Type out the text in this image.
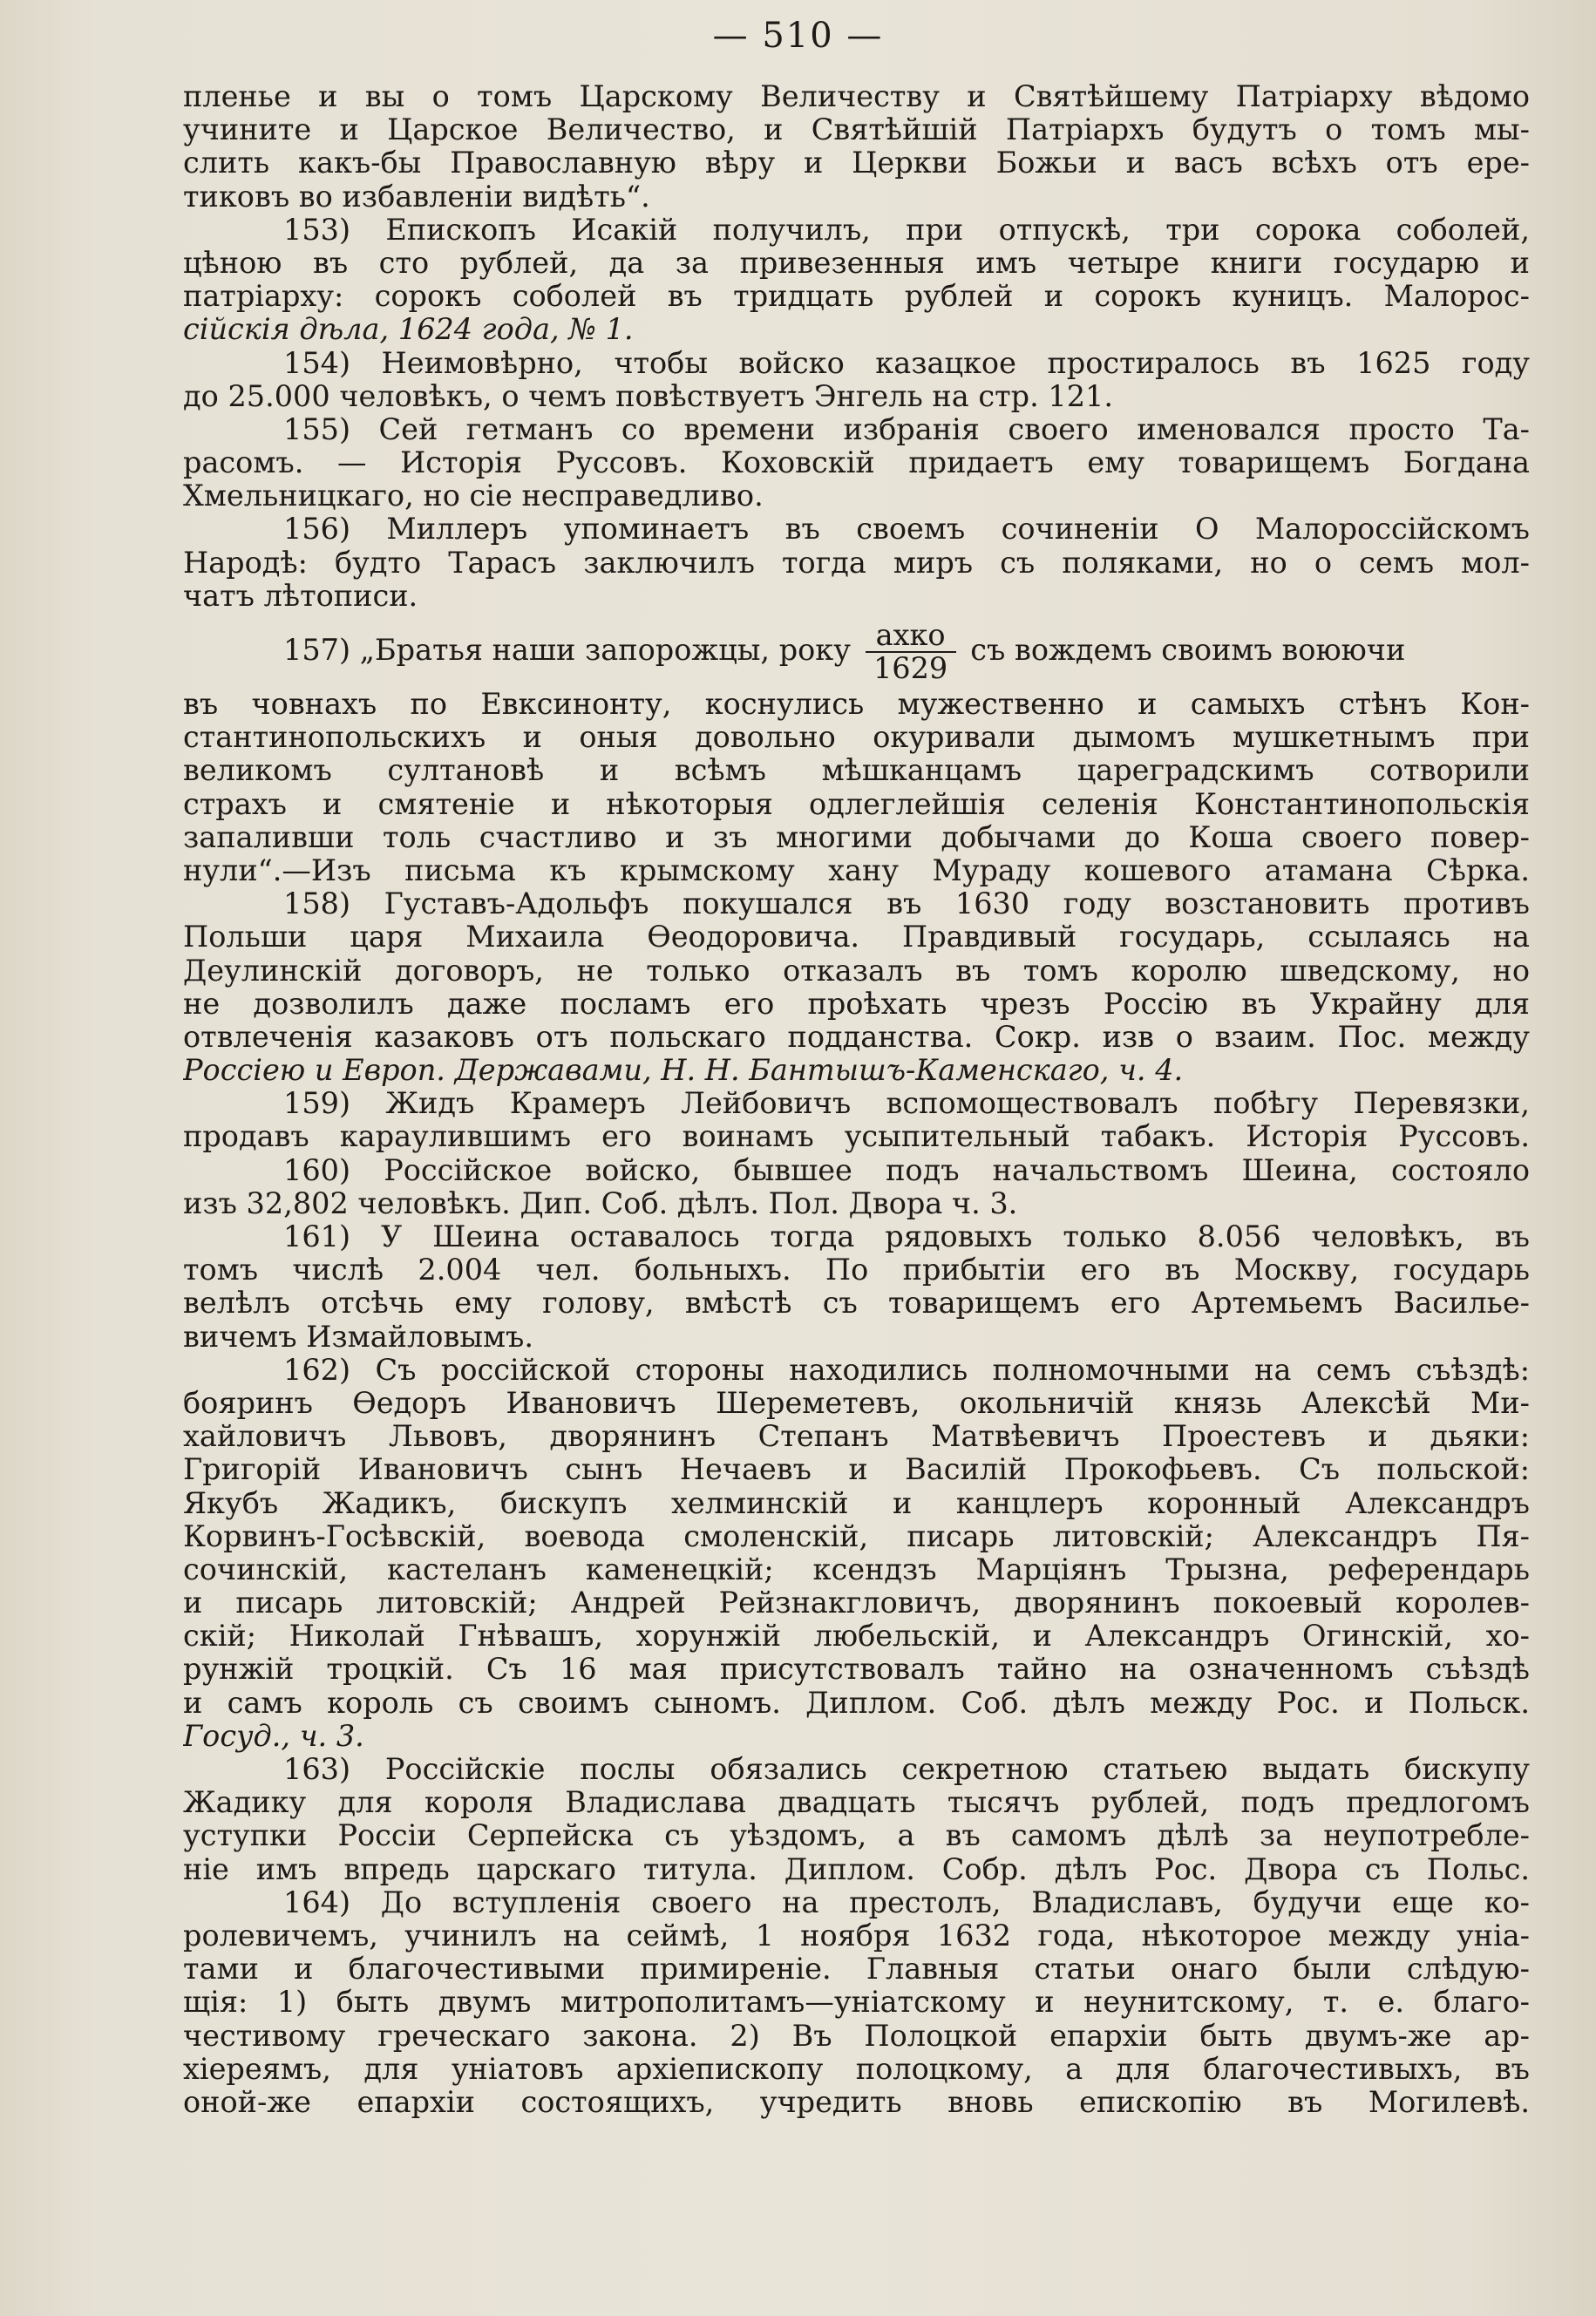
— 510 —
пленье и вы о томъ Царскому Величеству и Святѣйшему Патріарху вѣдомо
учините и Царское Величество, и Святѣйшій Патріархъ будутъ о томъ мы-
слить какъ-бы Православную вѣру и Церкви Божьи и васъ всѣхъ отъ ере-
тиковъ во избавленіи видѣть“.
153) Епископъ Исакій получилъ, при отпускѣ, три сорока соболей,
цѣною въ сто рублей, да за привезенныя имъ четыре книги государю и
патріарху: сорокъ соболей въ тридцать рублей и сорокъ куницъ. Малорос-
сійскія дѣла, 1624 года, № 1.
154) Неимовѣрно, чтобы войско казацкое простиралось въ 1625 году
до 25.000 человѣкъ, о чемъ повѣствуетъ Энгель на стр. 121.
155) Сей гетманъ со времени избранія своего именовался просто Та-
расомъ. — Исторія Руссовъ. Коховскій придаетъ ему товарищемъ Богдана
Хмельницкаго, но сіе несправедливо.
156) Миллеръ упоминаетъ въ своемъ сочиненіи О Малороссійскомъ
Народѣ: будто Тарасъ заключилъ тогда миръ съ поляками, но о семъ мол-
чатъ лѣтописи.
157) „Братья наши запорожцы, року $\frac{\text{ахко}}{1629}$ съ вождемъ своимъ воюючи
въ човнахъ по Евксинонту, коснулись мужественно и самыхъ стѣнъ Кон-
стантинопольскихъ и оныя довольно окуривали дымомъ мушкетнымъ при
великомъ султановѣ и всѣмъ мѣшканцамъ цареградскимъ сотворили
страхъ и смятеніе и нѣкоторыя одлеглейшія селенія Константинопольскія
запаливши толь счастливо и зъ многими добычами до Коша своего повер-
нули“.—Изъ письма къ крымскому хану Мураду кошевого атамана Сѣрка.
158) Густавъ-Адольфъ покушался въ 1630 году возстановить противъ
Польши царя Михаила Ѳеодоровича. Правдивый государь, ссылаясь на
Деулинскій договоръ, не только отказалъ въ томъ королю шведскому, но
не дозволилъ даже посламъ его проѣхать чрезъ Россію въ Украйну для
отвлеченія казаковъ отъ польскаго подданства. Сокр. изв о взаим. Пос. между
Россіею и Европ. Державами, Н. Н. Бантышъ-Каменскаго, ч. 4.
159) Жидъ Крамеръ Лейбовичъ вспомоществовалъ побѣгу Перевязки,
продавъ караулившимъ его воинамъ усыпительный табакъ. Исторія Руссовъ.
160) Россійское войско, бывшее подъ начальствомъ Шеина, состояло
изъ 32,802 человѣкъ. Дип. Соб. дѣлъ. Пол. Двора ч. 3.
161) У Шеина оставалось тогда рядовыхъ только 8.056 человѣкъ, въ
томъ числѣ 2.004 чел. больныхъ. По прибытіи его въ Москву, государь
велѣлъ отсѣчь ему голову, вмѣстѣ съ товарищемъ его Артемьемъ Василье-
вичемъ Измайловымъ.
162) Съ россійской стороны находились полномочными на семъ съѣздѣ:
бояринъ Ѳедоръ Ивановичъ Шереметевъ, окольничій князь Алексѣй Ми-
хайловичъ Львовъ, дворянинъ Степанъ Матвѣевичъ Проестевъ и дьяки:
Григорій Ивановичъ сынъ Нечаевъ и Василій Прокофьевъ. Съ польской:
Якубъ Жадикъ, бискупъ хелминскій и канцлеръ коронный Александръ
Корвинъ-Госѣвскій, воевода смоленскій, писарь литовскій; Александръ Пя-
сочинскій, кастеланъ каменецкій; ксендзъ Марціянъ Трызна, референдарь
и писарь литовскій; Андрей Рейзнакгловичъ, дворянинъ покоевый королев-
скій; Николай Гнѣвашъ, хорунжій любельскій, и Александръ Огинскій, хо-
рунжій троцкій. Съ 16 мая присутствовалъ тайно на означенномъ съѣздѣ
и самъ король съ своимъ сыномъ. Диплом. Соб. дѣлъ между Рос. и Польск.
Госуд., ч. 3.
163) Россійскіе послы обязались секретною статьею выдать бискупу
Жадику для короля Владислава двадцать тысячъ рублей, подъ предлогомъ
уступки Россіи Серпейска съ уѣздомъ, а въ самомъ дѣлѣ за неупотребле-
ніе имъ впредь царскаго титула. Диплом. Собр. дѣлъ Рос. Двора съ Польс.
164) До вступленія своего на престолъ, Владиславъ, будучи еще ко-
ролевичемъ, учинилъ на сеймѣ, 1 ноября 1632 года, нѣкоторое между уніа-
тами и благочестивыми примиреніе. Главныя статьи онаго были слѣдую-
щія: 1) быть двумъ митрополитамъ—уніатскому и неунитскому, т. е. благо-
честивому греческаго закона. 2) Въ Полоцкой епархіи быть двумъ-же ар-
хіереямъ, для уніатовъ архіепископу полоцкому, а для благочестивыхъ, въ
оной-же епархіи состоящихъ, учредить вновь епископію въ Могилевѣ.
